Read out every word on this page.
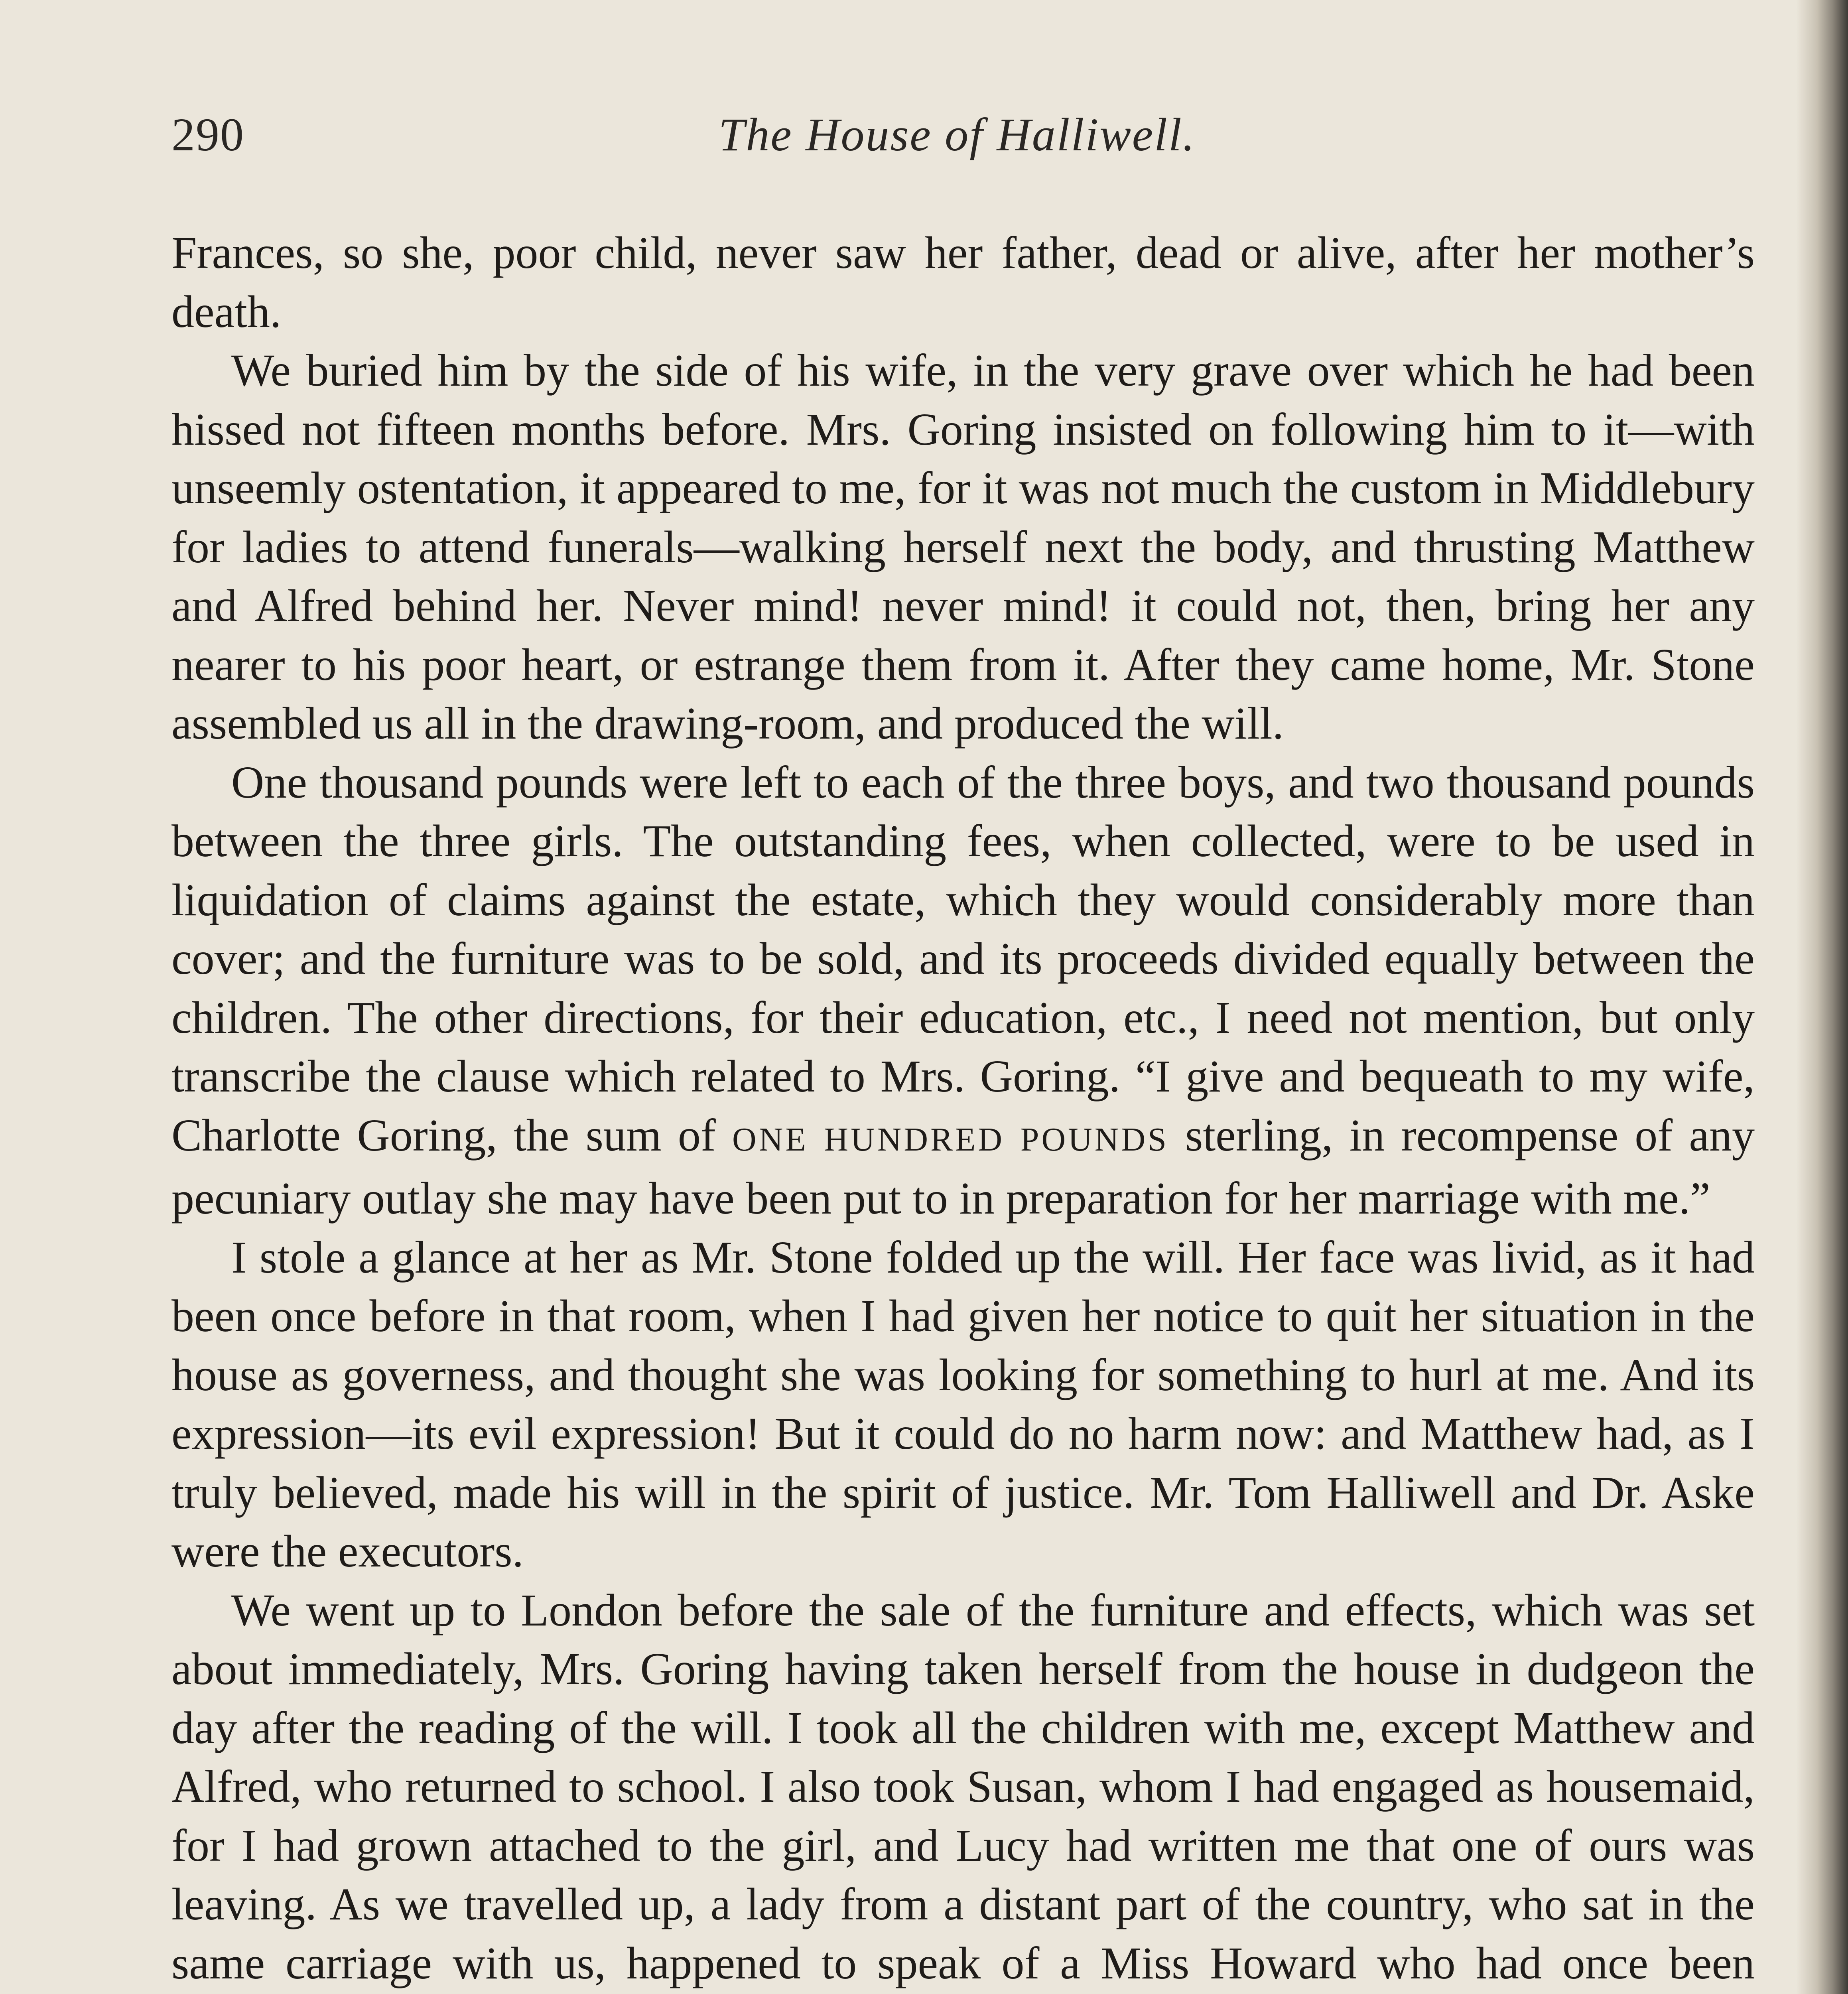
290	The House of Halliwell.

Frances, so she, poor child, never saw her father, dead or alive, after her mother’s death.

We buried him by the side of his wife, in the very grave over which he had been hissed not fifteen months before. Mrs. Goring insisted on following him to it—with unseemly ostentation, it appeared to me, for it was not much the custom in Middlebury for ladies to attend funerals—walking herself next the body, and thrusting Matthew and Alfred behind her. Never mind! never mind! it could not, then, bring her any nearer to his poor heart, or estrange them from it. After they came home, Mr. Stone assembled us all in the drawing-room, and produced the will.

One thousand pounds were left to each of the three boys, and two thousand pounds between the three girls. The outstanding fees, when collected, were to be used in liquidation of claims against the estate, which they would considerably more than cover; and the furniture was to be sold, and its proceeds divided equally between the children. The other directions, for their education, etc., I need not mention, but only transcribe the clause which related to Mrs. Goring. “I give and bequeath to my wife, Charlotte Goring, the sum of ONE HUNDRED POUNDS sterling, in recompense of any pecuniary outlay she may have been put to in preparation for her marriage with me.”

I stole a glance at her as Mr. Stone folded up the will. Her face was livid, as it had been once before in that room, when I had given her notice to quit her situation in the house as governess, and thought she was looking for something to hurl at me. And its expression—its evil expression! But it could do no harm now: and Matthew had, as I truly believed, made his will in the spirit of justice. Mr. Tom Halliwell and Dr. Aske were the executors.

We went up to London before the sale of the furniture and effects, which was set about immediately, Mrs. Goring having taken herself from the house in dudgeon the day after the reading of the will. I took all the children with me, except Matthew and Alfred, who returned to school. I also took Susan, whom I had engaged as housemaid, for I had grown attached to the girl, and Lucy had written me that one of ours was leaving. As we travelled up, a lady from a distant part of the country, who sat in the same carriage with us, happened to speak of a Miss Howard who had once been
